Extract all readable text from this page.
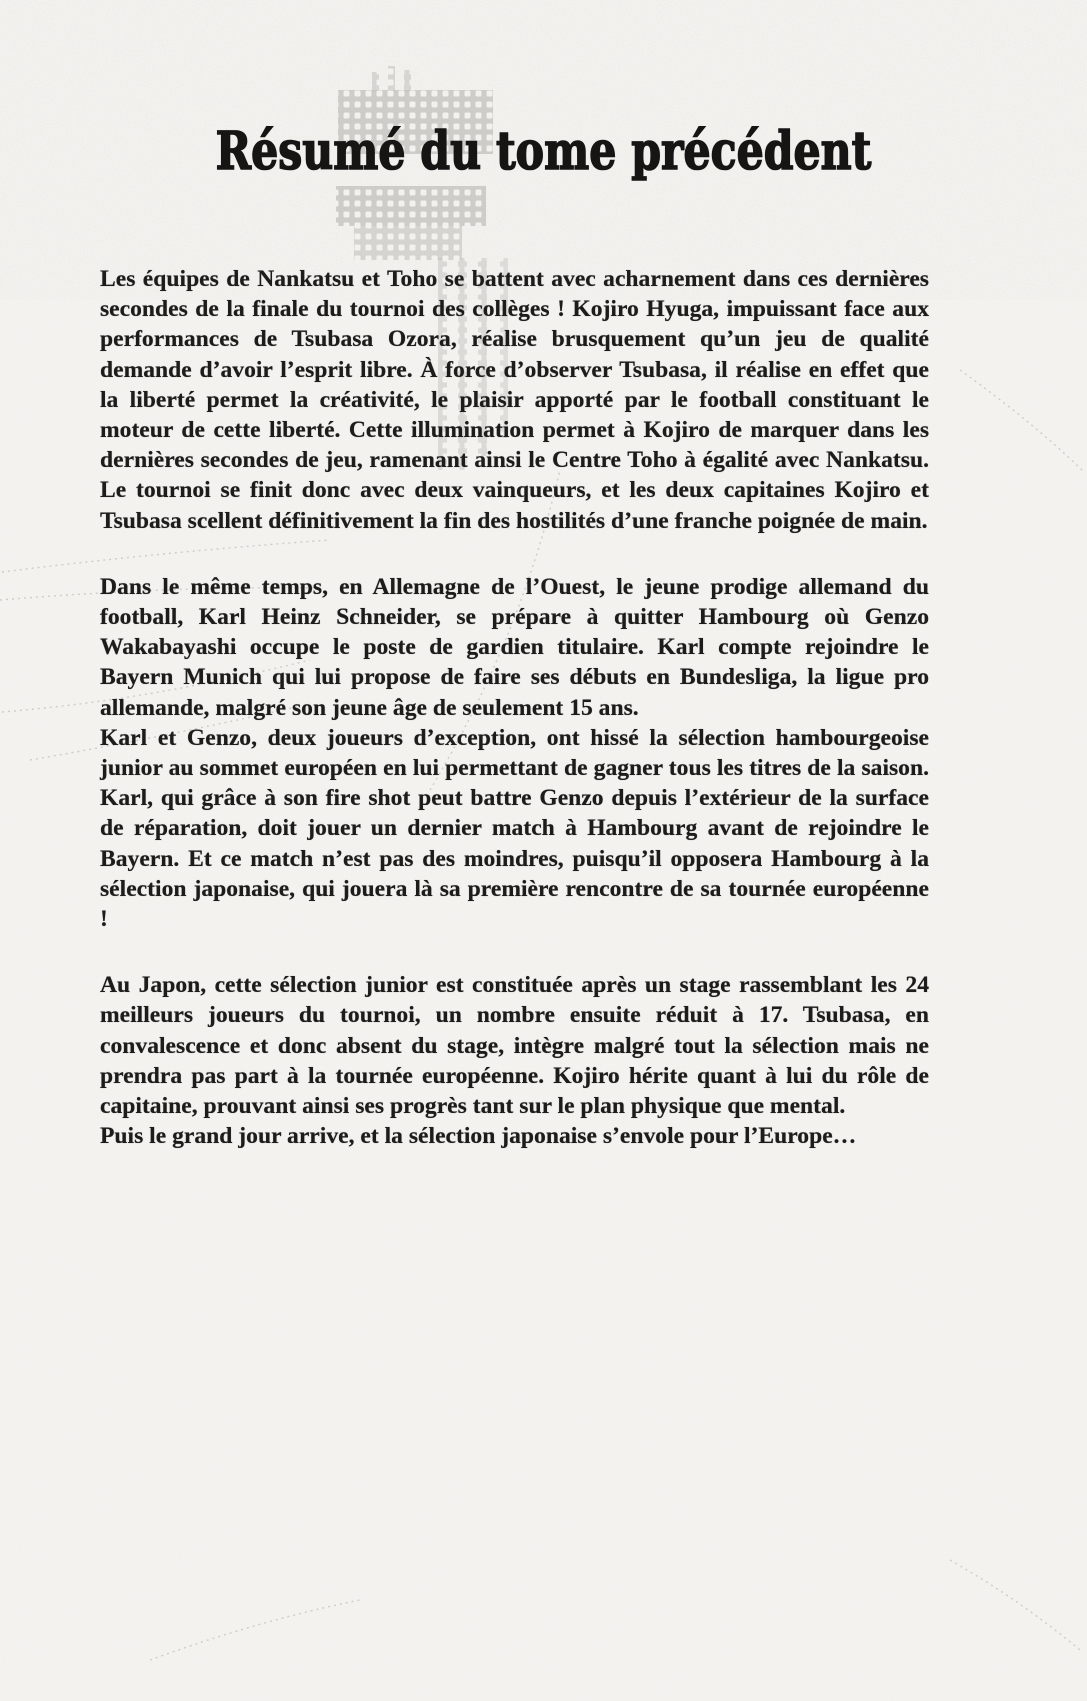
Résumé du tome précédent

Les équipes de Nankatsu et Toho se battent avec acharnement dans ces dernières secondes de la finale du tournoi des collèges ! Kojiro Hyuga, impuissant face aux performances de Tsubasa Ozora, réalise brusquement qu’un jeu de qualité demande d’avoir l’esprit libre. À force d’observer Tsubasa, il réalise en effet que la liberté permet la créativité, le plaisir apporté par le football constituant le moteur de cette liberté. Cette illumination permet à Kojiro de marquer dans les dernières secondes de jeu, ramenant ainsi le Centre Toho à égalité avec Nankatsu. Le tournoi se finit donc avec deux vainqueurs, et les deux capitaines Kojiro et Tsubasa scellent définitivement la fin des hostilités d’une franche poignée de main.

Dans le même temps, en Allemagne de l’Ouest, le jeune prodige allemand du football, Karl Heinz Schneider, se prépare à quitter Hambourg où Genzo Wakabayashi occupe le poste de gardien titulaire. Karl compte rejoindre le Bayern Munich qui lui propose de faire ses débuts en Bundesliga, la ligue pro allemande, malgré son jeune âge de seulement 15 ans.

Karl et Genzo, deux joueurs d’exception, ont hissé la sélection hambourgeoise junior au sommet européen en lui permettant de gagner tous les titres de la saison. Karl, qui grâce à son fire shot peut battre Genzo depuis l’extérieur de la surface de réparation, doit jouer un dernier match à Hambourg avant de rejoindre le Bayern. Et ce match n’est pas des moindres, puisqu’il opposera Hambourg à la sélection japonaise, qui jouera là sa première rencontre de sa tournée européenne !

Au Japon, cette sélection junior est constituée après un stage rassemblant les 24 meilleurs joueurs du tournoi, un nombre ensuite réduit à 17. Tsubasa, en convalescence et donc absent du stage, intègre malgré tout la sélection mais ne prendra pas part à la tournée européenne. Kojiro hérite quant à lui du rôle de capitaine, prouvant ainsi ses progrès tant sur le plan physique que mental.

Puis le grand jour arrive, et la sélection japonaise s’envole pour l’Europe…
